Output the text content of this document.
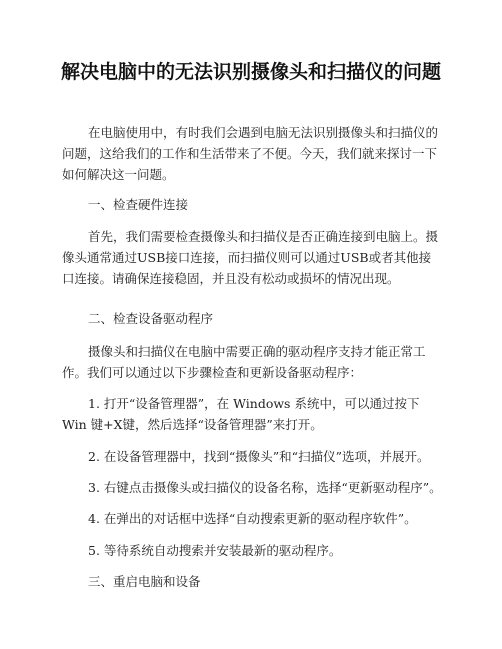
解决电脑中的无法识别摄像头和扫描仪的问题

在电脑使用中，有时我们会遇到电脑无法识别摄像头和扫描仪的问题，这给我们的工作和生活带来了不便。今天，我们就来探讨一下如何解决这一问题。

一、检查硬件连接

首先，我们需要检查摄像头和扫描仪是否正确连接到电脑上。摄像头通常通过USB接口连接，而扫描仪则可以通过USB或者其他接口连接。请确保连接稳固，并且没有松动或损坏的情况出现。

二、检查设备驱动程序

摄像头和扫描仪在电脑中需要正确的驱动程序支持才能正常工作。我们可以通过以下步骤检查和更新设备驱动程序：

1. 打开“设备管理器”，在 Windows 系统中，可以通过按下 Win 键+X键，然后选择“设备管理器”来打开。

2. 在设备管理器中，找到“摄像头”和“扫描仪”选项，并展开。

3. 右键点击摄像头或扫描仪的设备名称，选择“更新驱动程序”。

4. 在弹出的对话框中选择“自动搜索更新的驱动程序软件”。

5. 等待系统自动搜索并安装最新的驱动程序。

三、重启电脑和设备
